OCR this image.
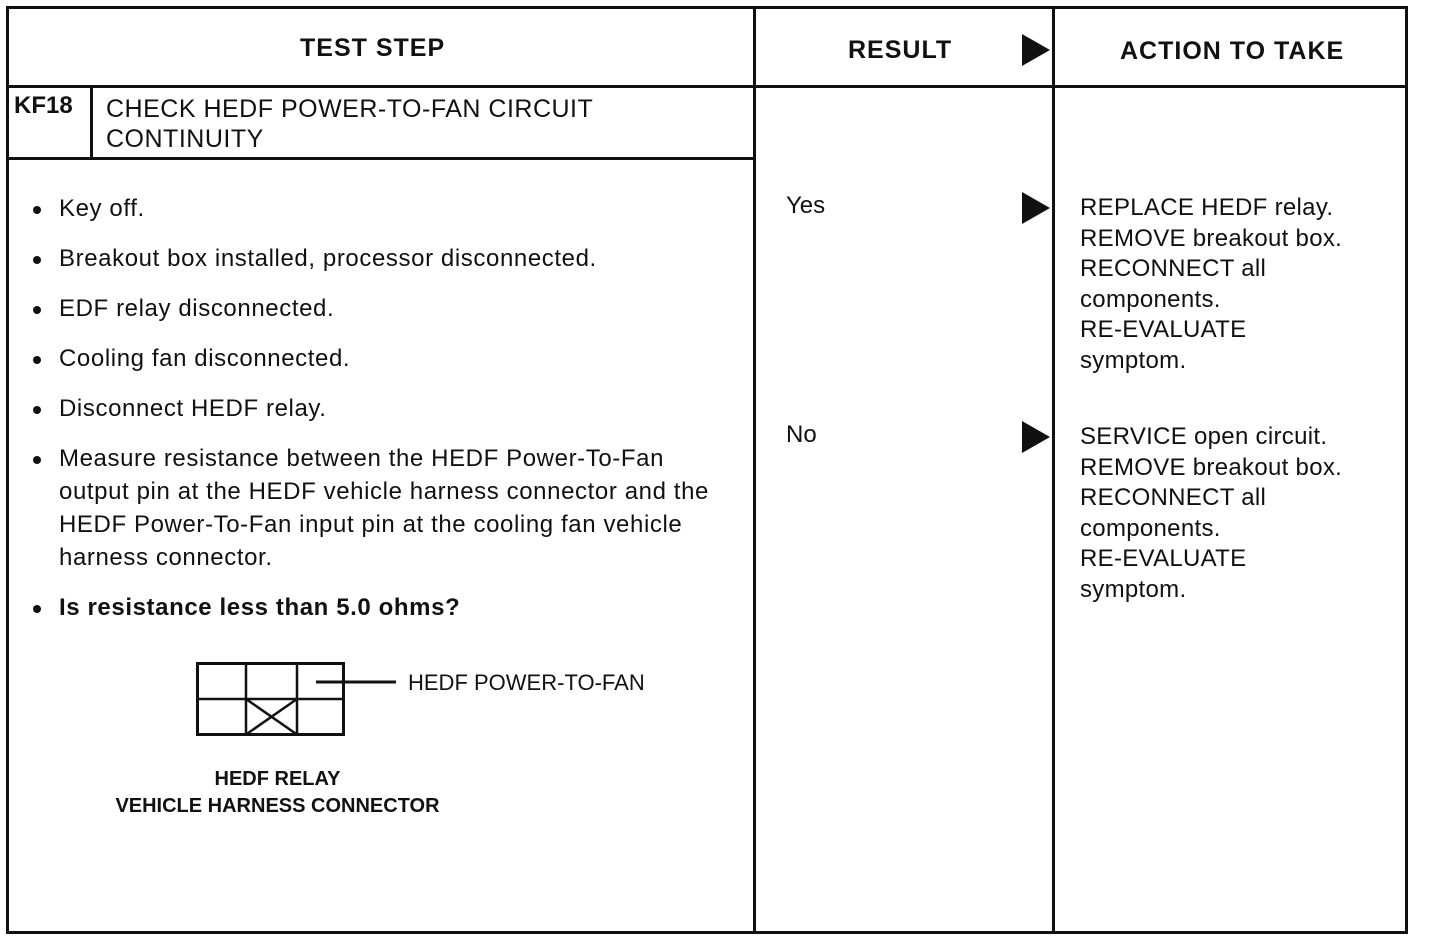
TEST STEP	RESULT	ACTION TO TAKE
KF18 CHECK HEDF POWER-TO-FAN CIRCUIT
CONTINUITY
Key off.
Breakout box installed, processor disconnected.
EDF relay disconnected.
Cooling fan disconnected.
Disconnect HEDF relay.
Measure resistance between the HEDF Power-To-Fan output pin at the HEDF vehicle harness connector and the HEDF Power-To-Fan input pin at the cooling fan vehicle harness connector.
Is resistance less than 5.0 ohms?
HEDF POWER-TO-FAN
HEDF RELAY
VEHICLE HARNESS CONNECTOR
Yes	REPLACE HEDF relay.
REMOVE breakout box.
RECONNECT all
components.
RE-EVALUATE
symptom.
No	SERVICE open circuit.
REMOVE breakout box.
RECONNECT all
components.
RE-EVALUATE
symptom.
